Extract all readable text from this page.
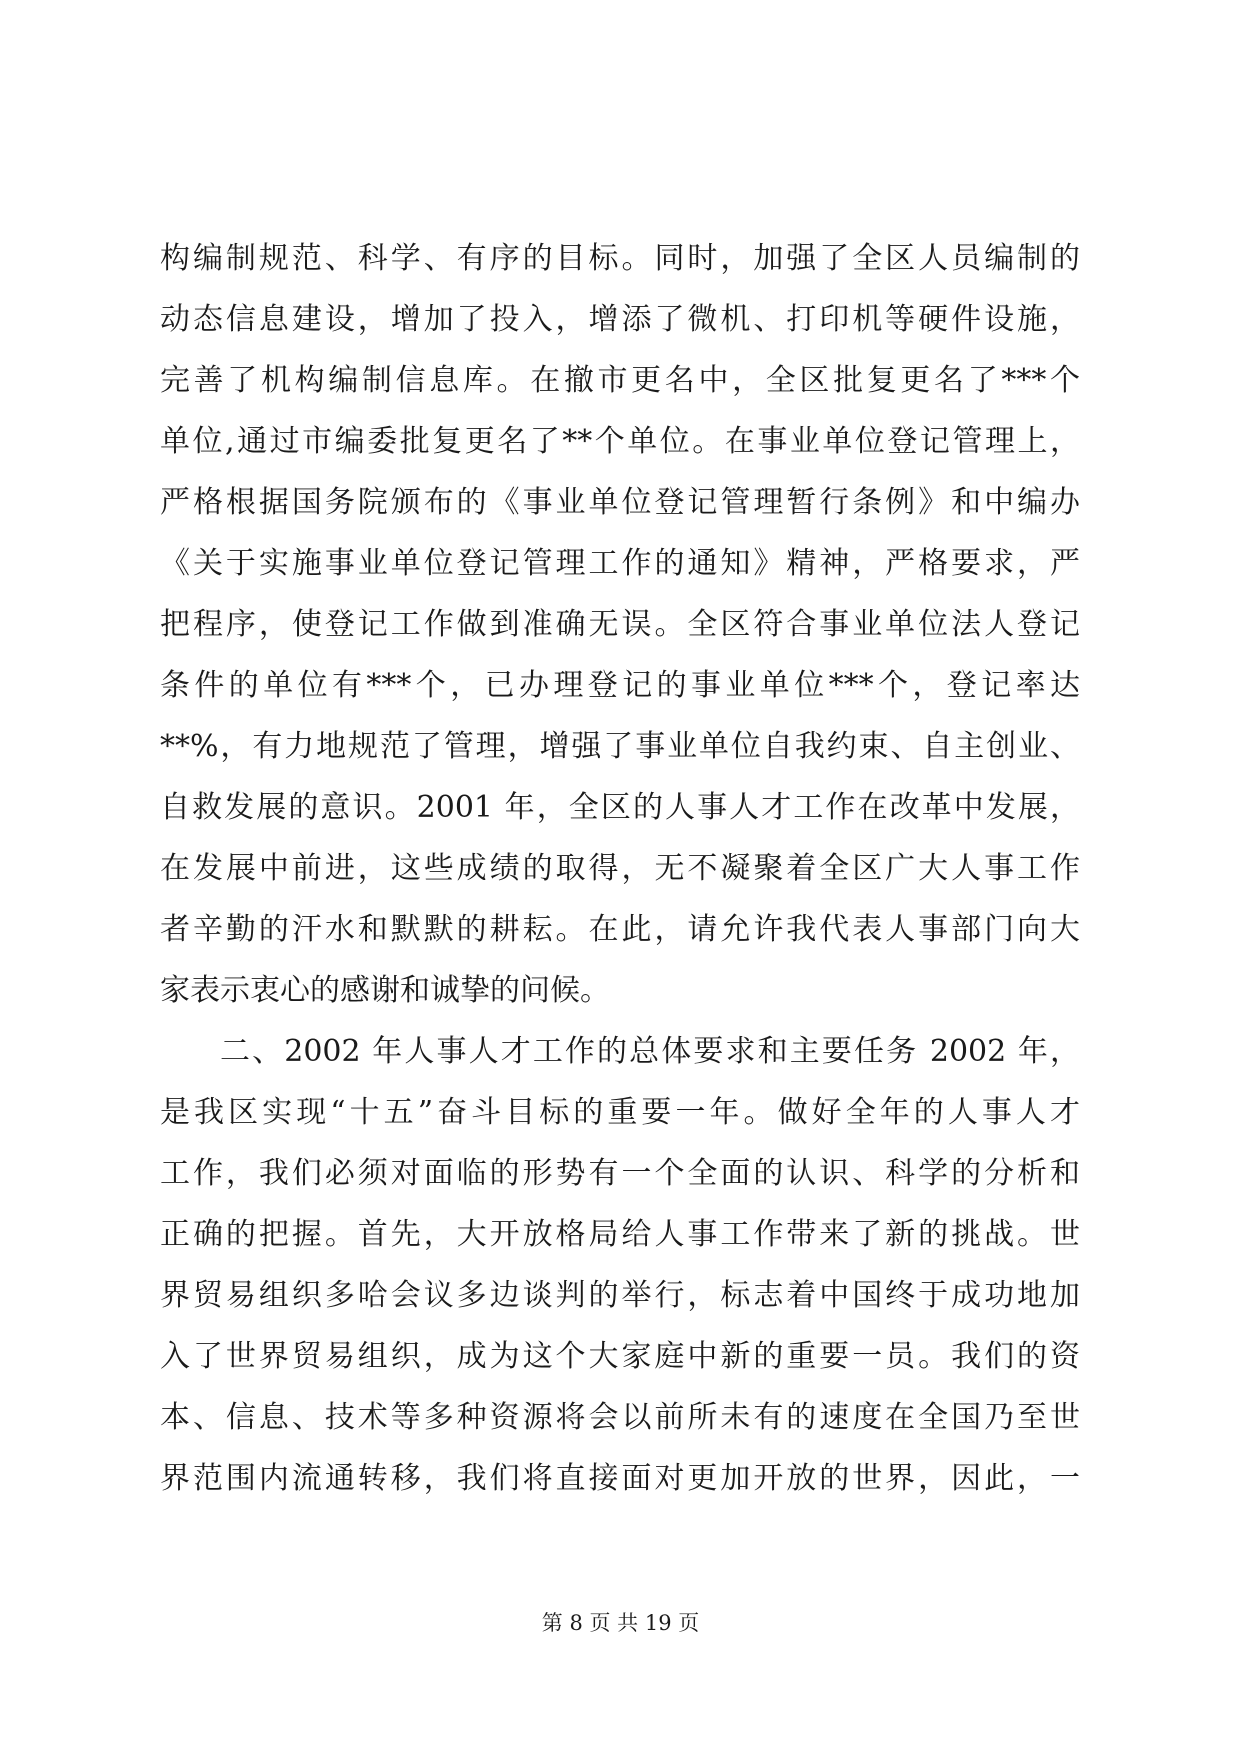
构编制规范、科学、有序的目标。同时，加强了全区人员编制的
动态信息建设，增加了投入，增添了微机、打印机等硬件设施，
完善了机构编制信息库。在撤市更名中，全区批复更名了***个
单位,通过市编委批复更名了**个单位。在事业单位登记管理上，
严格根据国务院颁布的《事业单位登记管理暂行条例》和中编办
《关于实施事业单位登记管理工作的通知》精神，严格要求，严
把程序，使登记工作做到准确无误。全区符合事业单位法人登记
条件的单位有***个，已办理登记的事业单位***个，登记率达
**%，有力地规范了管理，增强了事业单位自我约束、自主创业、
自救发展的意识。2001 年，全区的人事人才工作在改革中发展，
在发展中前进，这些成绩的取得，无不凝聚着全区广大人事工作
者辛勤的汗水和默默的耕耘。在此，请允许我代表人事部门向大
家表示衷心的感谢和诚挚的问候。
二、2002 年人事人才工作的总体要求和主要任务 2002 年，
是我区实现“十五”奋斗目标的重要一年。做好全年的人事人才
工作，我们必须对面临的形势有一个全面的认识、科学的分析和
正确的把握。首先，大开放格局给人事工作带来了新的挑战。世
界贸易组织多哈会议多边谈判的举行，标志着中国终于成功地加
入了世界贸易组织，成为这个大家庭中新的重要一员。我们的资
本、信息、技术等多种资源将会以前所未有的速度在全国乃至世
界范围内流通转移，我们将直接面对更加开放的世界，因此，一
第 8 页 共 19 页
